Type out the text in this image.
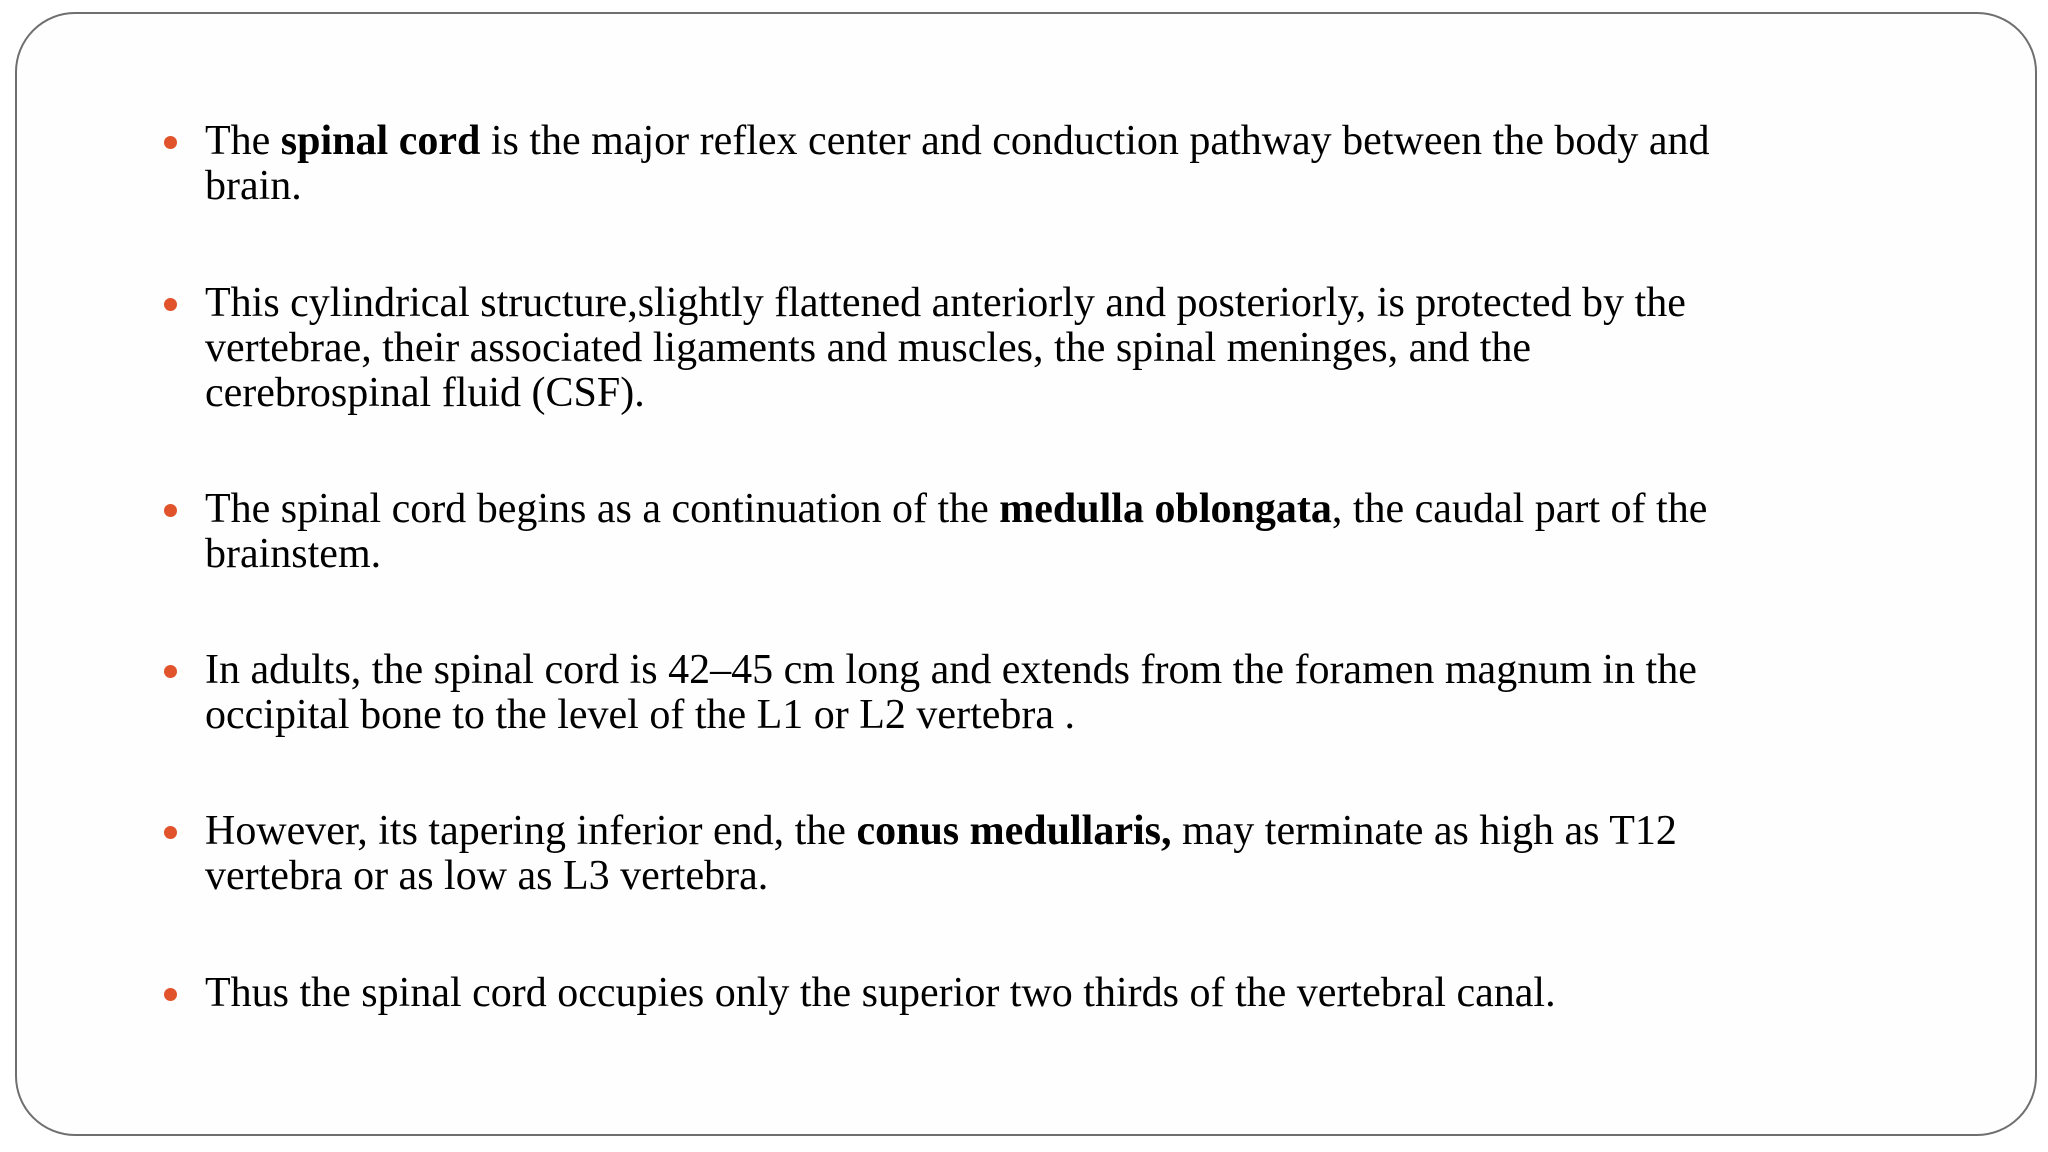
The spinal cord is the major reflex center and conduction pathway between the body and
brain.
This cylindrical structure,slightly flattened anteriorly and posteriorly, is protected by the
vertebrae, their associated ligaments and muscles, the spinal meninges, and the
cerebrospinal fluid (CSF).
The spinal cord begins as a continuation of the medulla oblongata, the caudal part of the
brainstem.
In adults, the spinal cord is 42–45 cm long and extends from the foramen magnum in the
occipital bone to the level of the L1 or L2 vertebra .
However, its tapering inferior end, the conus medullaris, may terminate as high as T12
vertebra or as low as L3 vertebra.
Thus the spinal cord occupies only the superior two thirds of the vertebral canal.
